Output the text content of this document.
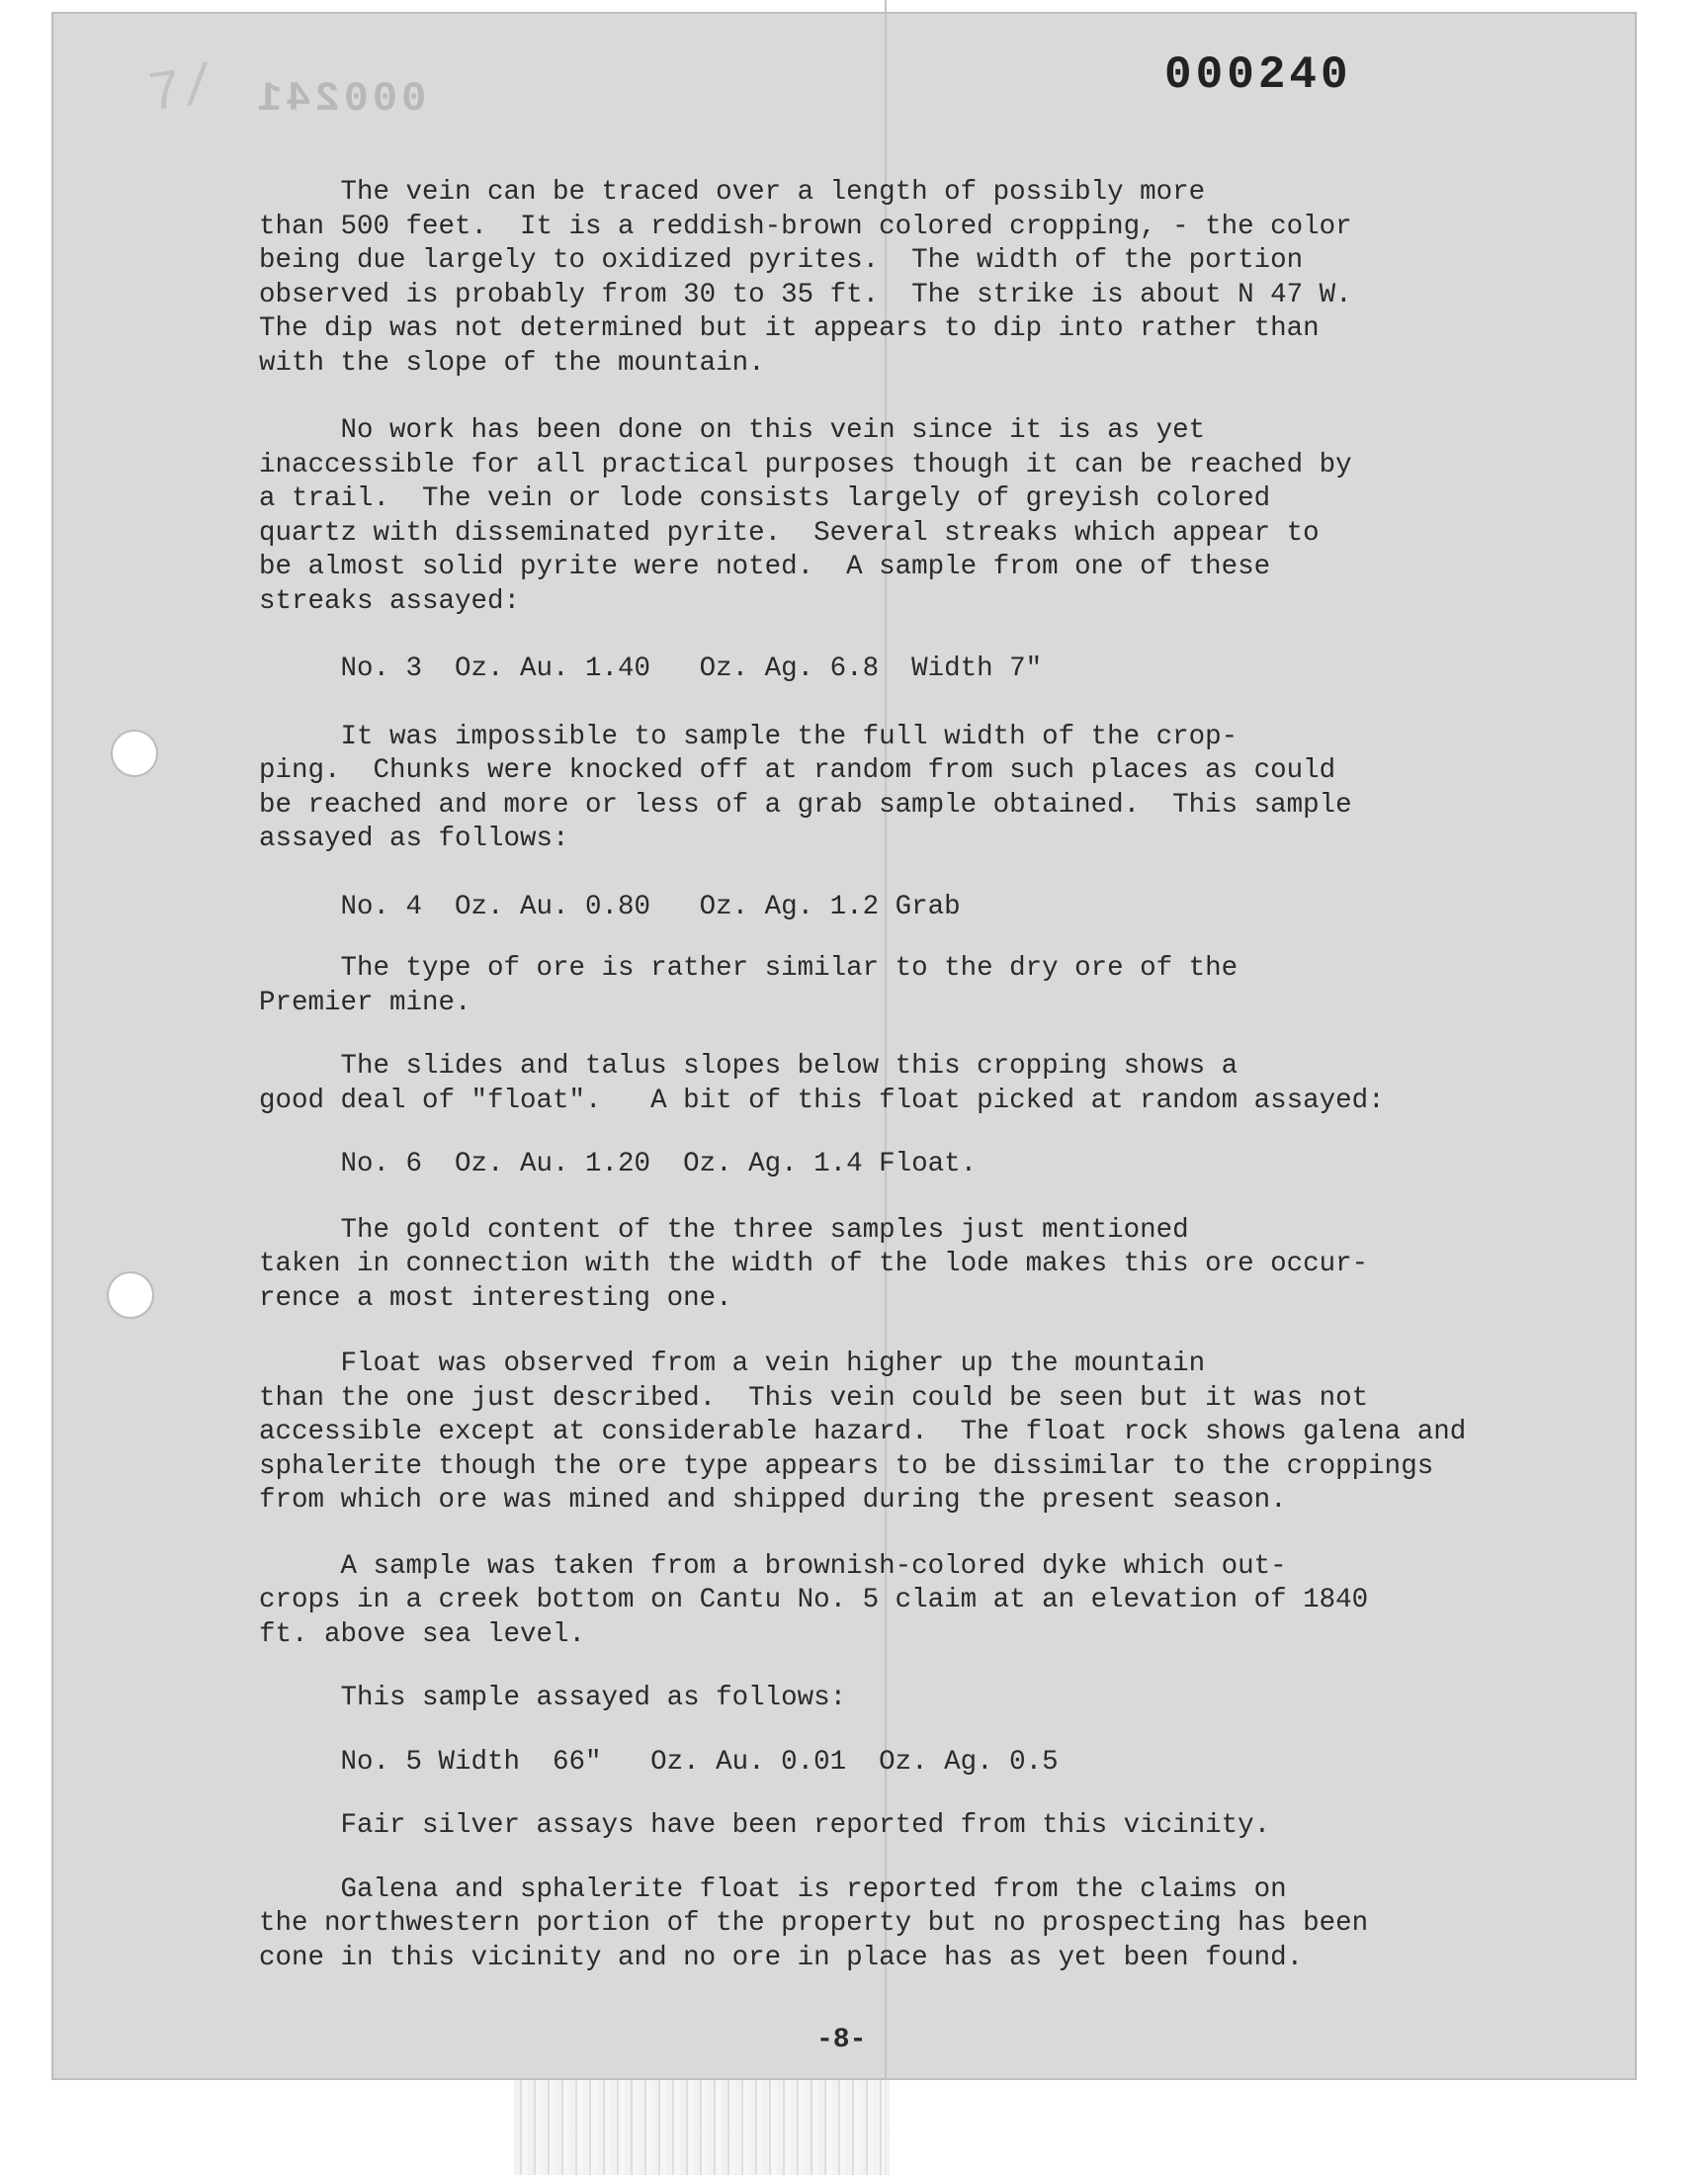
7/ 000241	000240

The vein can be traced over a length of possibly more

than 500 feet.  It is a reddish-brown colored cropping, - the color

being due largely to oxidized pyrites.  The width of the portion

observed is probably from 30 to 35 ft.  The strike is about N 47 W.

The dip was not determined but it appears to dip into rather than

with the slope of the mountain.

No work has been done on this vein since it is as yet

inaccessible for all practical purposes though it can be reached by

a trail.  The vein or lode consists largely of greyish colored

quartz with disseminated pyrite.  Several streaks which appear to

be almost solid pyrite were noted.  A sample from one of these

streaks assayed:

No. 3  Oz. Au. 1.40   Oz. Ag. 6.8  Width 7"

It was impossible to sample the full width of the crop-

ping.  Chunks were knocked off at random from such places as could

be reached and more or less of a grab sample obtained.  This sample

assayed as follows:

No. 4  Oz. Au. 0.80   Oz. Ag. 1.2 Grab

The type of ore is rather similar to the dry ore of the

Premier mine.

The slides and talus slopes below this cropping shows a

good deal of "float".   A bit of this float picked at random assayed:

No. 6  Oz. Au. 1.20  Oz. Ag. 1.4 Float.

The gold content of the three samples just mentioned

taken in connection with the width of the lode makes this ore occur-

rence a most interesting one.

Float was observed from a vein higher up the mountain

than the one just described.  This vein could be seen but it was not

accessible except at considerable hazard.  The float rock shows galena and

sphalerite though the ore type appears to be dissimilar to the croppings

from which ore was mined and shipped during the present season.

A sample was taken from a brownish-colored dyke which out-

crops in a creek bottom on Cantu No. 5 claim at an elevation of 1840

ft. above sea level.

This sample assayed as follows:

No. 5 Width  66"   Oz. Au. 0.01  Oz. Ag. 0.5

Fair silver assays have been reported from this vicinity.

Galena and sphalerite float is reported from the claims on

the northwestern portion of the property but no prospecting has been

cone in this vicinity and no ore in place has as yet been found.

-8-
